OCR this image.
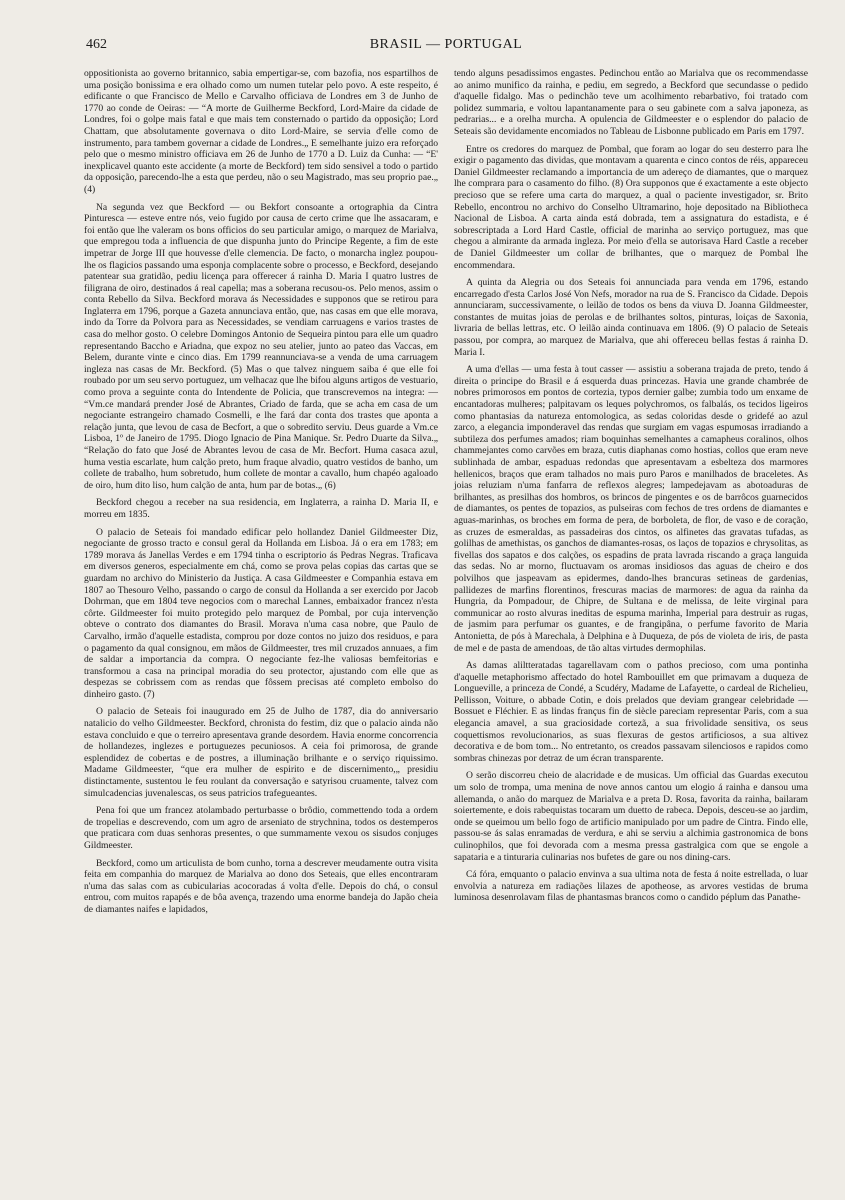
462	BRASIL — PORTUGAL

oppositionista ao governo britannico, sabia empertigar-se, com bazofia, nos espartilhos de uma posição bonissima e era olhado como um numen tutelar pelo povo. A este respeito, é edificante o que Francisco de Mello e Carvalho officiava de Londres em 3 de Junho de 1770 ao conde de Oeiras: — “A morte de Guilherme Beckford, Lord-Maire da cidade de Londres, foi o golpe mais fatal e que mais tem consternado o partido da opposição; Lord Chattam, que absolutamente governava o dito Lord-Maire, se servia d'elle como de instrumento, para tambem governar a cidade de Londres.„ E semelhante juizo era reforçado pelo que o mesmo ministro officiava em 26 de Junho de 1770 a D. Luiz da Cunha: — “E' inexplicavel quanto este accidente (a morte de Beckford) tem sido sensivel a todo o partido da opposição, parecendo-lhe a esta que perdeu, não o seu Magistrado, mas seu proprio pae.„ (4)

Na segunda vez que Beckford — ou Bekfort consoante a ortographia da Cintra Pinturesca — esteve entre nós, veio fugido por causa de certo crime que lhe assacaram, e foi então que lhe valeram os bons officios do seu particular amigo, o marquez de Marialva, que empregou toda a influencia de que dispunha junto do Principe Regente, a fim de este impetrar de Jorge III que houvesse d'elle clemencia. De facto, o monarcha inglez poupou-lhe os flagicios passando uma esponja complacente sobre o processo, e Beckford, desejando patentear sua gratidão, pediu licença para offerecer á rainha D. Maria I quatro lustres de filigrana de oiro, destinados á real capella; mas a soberana recusou-os. Pelo menos, assim o conta Rebello da Silva. Beckford morava ás Necessidades e supponos que se retirou para Inglaterra em 1796, porque a Gazeta annunciava então, que, nas casas em que elle morava, indo da Torre da Polvora para as Necessidades, se vendiam carruagens e varios trastes de casa do melhor gosto. O celebre Domingos Antonio de Sequeira pintou para elle um quadro representando Baccho e Ariadna, que expoz no seu atelier, junto ao pateo das Vaccas, em Belem, durante vinte e cinco dias. Em 1799 reannunciava-se a venda de uma carruagem ingleza nas casas de Mr. Beckford. (5) Mas o que talvez ninguem saiba é que elle foi roubado por um seu servo portuguez, um velhacaz que lhe bifou alguns artigos de vestuario, como prova a seguinte conta do Intendente de Policia, que transcrevemos na integra: — “Vm.ce mandará prender José de Abrantes, Criado de farda, que se acha em casa de um negociante estrangeiro chamado Cosmelli, e lhe fará dar conta dos trastes que aponta a relação junta, que levou de casa de Becfort, a que o sobredito serviu. Deus guarde a Vm.ce Lisboa, 1º de Janeiro de 1795. Diogo Ignacio de Pina Manique. Sr. Pedro Duarte da Silva.„ “Relação do fato que José de Abrantes levou de casa de Mr. Becfort. Huma casaca azul, huma vestia escarlate, hum calção preto, hum fraque alvadio, quatro vestidos de banho, um collete de trabalho, hum sobretudo, hum collete de montar a cavallo, hum chapéo agaloado de oiro, hum dito liso, hum calção de anta, hum par de botas.„ (6)

Beckford chegou a receber na sua residencia, em Inglaterra, a rainha D. Maria II, e morreu em 1835.

O palacio de Seteais foi mandado edificar pelo hollandez Daniel Gildmeester Diz, negociante de grosso tracto e consul geral da Hollanda em Lisboa. Já o era em 1783; em 1789 morava ás Janellas Verdes e em 1794 tinha o escriptorio ás Pedras Negras. Traficava em diversos generos, especialmente em chá, como se prova pelas copias das cartas que se guardam no archivo do Ministerio da Justiça. A casa Gildmeester e Companhia estava em 1807 ao Thesouro Velho, passando o cargo de consul da Hollanda a ser exercido por Jacob Dohrman, que em 1804 teve negocios com o marechal Lannes, embaixador francez n'esta côrte. Gildmeester foi muito protegido pelo marquez de Pombal, por cuja intervenção obteve o contrato dos diamantes do Brasil. Morava n'uma casa nobre, que Paulo de Carvalho, irmão d'aquelle estadista, comprou por doze contos no juizo dos residuos, e para o pagamento da qual consignou, em mãos de Gildmeester, tres mil cruzados annuaes, a fim de saldar a importancia da compra. O negociante fez-lhe valiosas bemfeitorias e transformou a casa na principal moradia do seu protector, ajustando com elle que as despezas se cobrissem com as rendas que fôssem precisas até completo embolso do dinheiro gasto. (7)

O palacio de Seteais foi inaugurado em 25 de Julho de 1787, dia do anniversario natalicio do velho Gildmeester. Beckford, chronista do festim, diz que o palacio ainda não estava concluido e que o terreiro apresentava grande desordem. Havia enorme concorrencia de hollandezes, inglezes e portuguezes pecuniosos. A ceia foi primorosa, de grande esplendidez de cobertas e de postres, a illuminação brilhante e o serviço riquissimo. Madame Gildmeester, “que era mulher de espirito e de discernimento,„ presidiu distinctamente, sustentou le feu roulant da conversação e satyrisou cruamente, talvez com simulcadencias juvenalescas, os seus patricios trafegueantes.

Pena foi que um francez atolambado perturbasse o brôdio, commettendo toda a ordem de tropelias e descrevendo, com um agro de arseniato de strychnina, todos os destemperos que praticara com duas senhoras presentes, o que summamente vexou os sisudos conjuges Gildmeester.

Beckford, como um articulista de bom cunho, torna a descrever meudamente outra visita feita em companhia do marquez de Marialva ao dono dos Seteais, que elles encontraram n'uma das salas com as cubicularias acocoradas á volta d'elle. Depois do chá, o consul entrou, com muitos rapapés e de bôa avença, trazendo uma enorme bandeja do Japão cheia de diamantes naifes e lapidados,

tendo alguns pesadissimos engastes. Pedinchou então ao Marialva que os recommendasse ao animo munifico da rainha, e pediu, em segredo, a Beckford que secundasse o pedido d'aquelle fidalgo. Mas o pedinchão teve um acolhimento rebarbativo, foi tratado com polidez summaria, e voltou lapantanamente para o seu gabinete com a salva japoneza, as pedrarias... e a orelha murcha. A opulencia de Gildmeester e o esplendor do palacio de Seteais são devidamente encomiados no Tableau de Lisbonne publicado em Paris em 1797.

Entre os credores do marquez de Pombal, que foram ao logar do seu desterro para lhe exigir o pagamento das dividas, que montavam a quarenta e cinco contos de réis, appareceu Daniel Gildmeester reclamando a importancia de um adereço de diamantes, que o marquez lhe comprara para o casamento do filho. (8) Ora supponos que é exactamente a este objecto precioso que se refere uma carta do marquez, a qual o paciente investigador, sr. Brito Rebello, encontrou no archivo do Conselho Ultramarino, hoje depositado na Bibliotheca Nacional de Lisboa. A carta ainda está dobrada, tem a assignatura do estadista, e é sobrescriptada a Lord Hard Castle, official de marinha ao serviço portuguez, mas que chegou a almirante da armada ingleza. Por meio d'ella se autorisava Hard Castle a receber de Daniel Gildmeester um collar de brilhantes, que o marquez de Pombal lhe encommendara.

A quinta da Alegria ou dos Seteais foi annunciada para venda em 1796, estando encarregado d'esta Carlos José Von Nefs, morador na rua de S. Francisco da Cidade. Depois annunciaram, successivamente, o leilão de todos os bens da viuva D. Joanna Gildmeester, constantes de muitas joias de perolas e de brilhantes soltos, pinturas, loiças de Saxonia, livraria de bellas lettras, etc. O leilão ainda continuava em 1806. (9) O palacio de Seteais passou, por compra, ao marquez de Marialva, que ahi offereceu bellas festas á rainha D. Maria I.

A uma d'ellas — uma festa à tout casser — assistiu a soberana trajada de preto, tendo á direita o principe do Brasil e á esquerda duas princezas. Havia une grande chambrée de nobres primorosos em pontos de cortezia, typos dernier galbe; zumbia todo um enxame de encantadoras mulheres; palpitavam os leques polychromos, os falbalás, os tecidos ligeiros como phantasias da natureza entomologica, as sedas coloridas desde o gridefé ao azul zarco, a elegancia imponderavel das rendas que surgiam em vagas espumosas irradiando a subtileza dos perfumes amados; riam boquinhas semelhantes a camapheus coralinos, olhos chammejantes como carvões em braza, cutis diaphanas como hostias, collos que eram neve sublinhada de ambar, espaduas redondas que apresentavam a esbelteza dos marmores hellenicos, braços que eram talhados no mais puro Paros e manilhados de braceletes. As joias reluziam n'uma fanfarra de reflexos alegres; lampedejavam as abotoaduras de brilhantes, as presilhas dos hombros, os brincos de pingentes e os de barrôcos guarnecidos de diamantes, os pentes de topazios, as pulseiras com fechos de tres ordens de diamantes e aguas-marinhas, os broches em forma de pera, de borboleta, de flor, de vaso e de coração, as cruzes de esmeraldas, as passadeiras dos cintos, os alfinetes das gravatas tufadas, as golilhas de amethistas, os ganchos de diamantes-rosas, os laços de topazios e chrysolitas, as fivellas dos sapatos e dos calções, os espadins de prata lavrada riscando a graça languida das sedas. No ar morno, fluctuavam os aromas insidiosos das aguas de cheiro e dos polvilhos que jaspeavam as epidermes, dando-lhes brancuras setineas de gardenias, pallidezes de marfins florentinos, frescuras macias de marmores: de agua da rainha da Hungria, da Pompadour, de Chipre, de Sultana e de melissa, de leite virginal para communicar ao rosto alvuras ineditas de espuma marinha, Imperial para destruir as rugas, de jasmim para perfumar os guantes, e de frangipâna, o perfume favorito de Maria Antonietta, de pós à Marechala, à Delphina e à Duqueza, de pós de violeta de iris, de pasta de mel e de pasta de amendoas, de tão altas virtudes dermophilas.

As damas aliltteratadas tagarellavam com o pathos precioso, com uma pontinha d'aquelle metaphorismo affectado do hotel Rambouillet em que primavam a duqueza de Longueville, a princeza de Condé, a Scudéry, Madame de Lafayette, o cardeal de Richelieu, Pellisson, Voiture, o abbade Cotin, e dois prelados que deviam grangear celebridade — Bossuet e Fléchier. E as lindas françus fin de siècle pareciam representar Paris, com a sua elegancia amavel, a sua graciosidade cortezã, a sua frivolidade sensitiva, os seus coquettismos revolucionarios, as suas flexuras de gestos artificiosos, a sua altivez decorativa e de bom tom... No entretanto, os creados passavam silenciosos e rapidos como sombras chinezas por detraz de um écran transparente.

O serão discorreu cheio de alacridade e de musicas. Um official das Guardas executou um solo de trompa, uma menina de nove annos cantou um elogio á rainha e dansou uma allemanda, o anão do marquez de Marialva e a preta D. Rosa, favorita da rainha, bailaram soiertemente, e dois rabequistas tocaram um duetto de rabeca. Depois, desceu-se ao jardim, onde se queimou um bello fogo de artificio manipulado por um padre de Cintra. Findo elle, passou-se ás salas enramadas de verdura, e ahi se serviu a alchimia gastronomica de bons culinophilos, que foi devorada com a mesma pressa gastralgica com que se engole a sapataria e a tinturaria culinarias nos bufetes de gare ou nos dining-cars.

Cá fóra, emquanto o palacio envinva a sua ultima nota de festa á noite estrellada, o luar envolvia a natureza em radiações lilazes de apotheose, as arvores vestidas de bruma luminosa desenrolavam filas de phantasmas brancos como o candido péplum das Panathe-
